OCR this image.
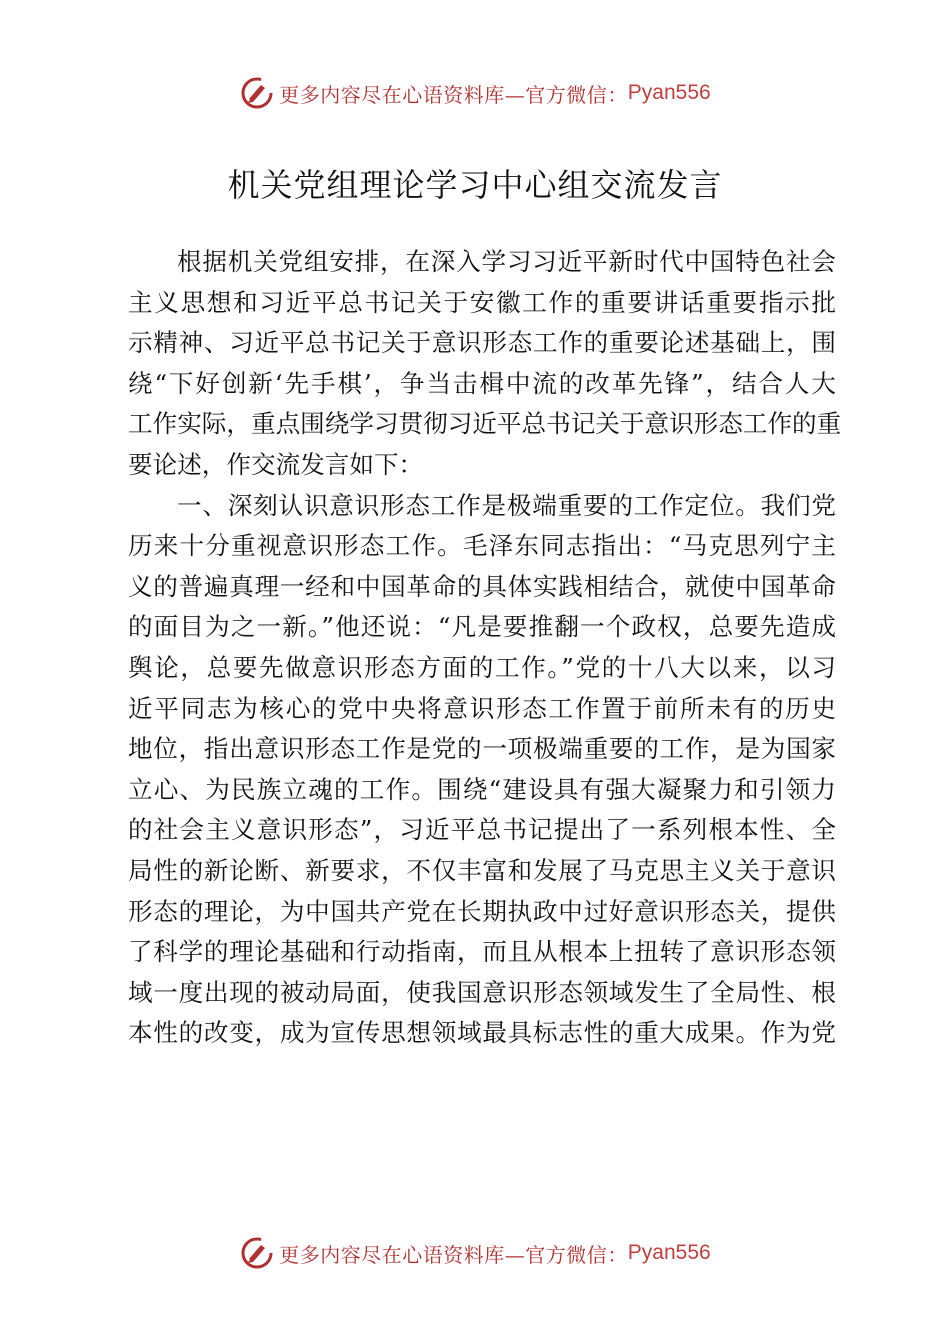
更多内容尽在心语资料库—官方微信： Pyan556
机关党组理论学习中心组交流发言
根据机关党组安排，在深入学习习近平新时代中国特色社会
主义思想和习近平总书记关于安徽工作的重要讲话重要指示批
示精神、习近平总书记关于意识形态工作的重要论述基础上，围
绕“下好创新‘先手棋’，争当击楫中流的改革先锋”，结合人大
工作实际，重点围绕学习贯彻习近平总书记关于意识形态工作的重
要论述，作交流发言如下：
一、深刻认识意识形态工作是极端重要的工作定位。我们党
历来十分重视意识形态工作。毛泽东同志指出：“马克思列宁主
义的普遍真理一经和中国革命的具体实践相结合，就使中国革命
的面目为之一新。”他还说：“凡是要推翻一个政权，总要先造成
舆论，总要先做意识形态方面的工作。”党的十八大以来，以习
近平同志为核心的党中央将意识形态工作置于前所未有的历史
地位，指出意识形态工作是党的一项极端重要的工作，是为国家
立心、为民族立魂的工作。围绕“建设具有强大凝聚力和引领力
的社会主义意识形态”，习近平总书记提出了一系列根本性、全
局性的新论断、新要求，不仅丰富和发展了马克思主义关于意识
形态的理论，为中国共产党在长期执政中过好意识形态关，提供
了科学的理论基础和行动指南，而且从根本上扭转了意识形态领
域一度出现的被动局面，使我国意识形态领域发生了全局性、根
本性的改变，成为宣传思想领域最具标志性的重大成果。作为党
更多内容尽在心语资料库—官方微信： Pyan556
